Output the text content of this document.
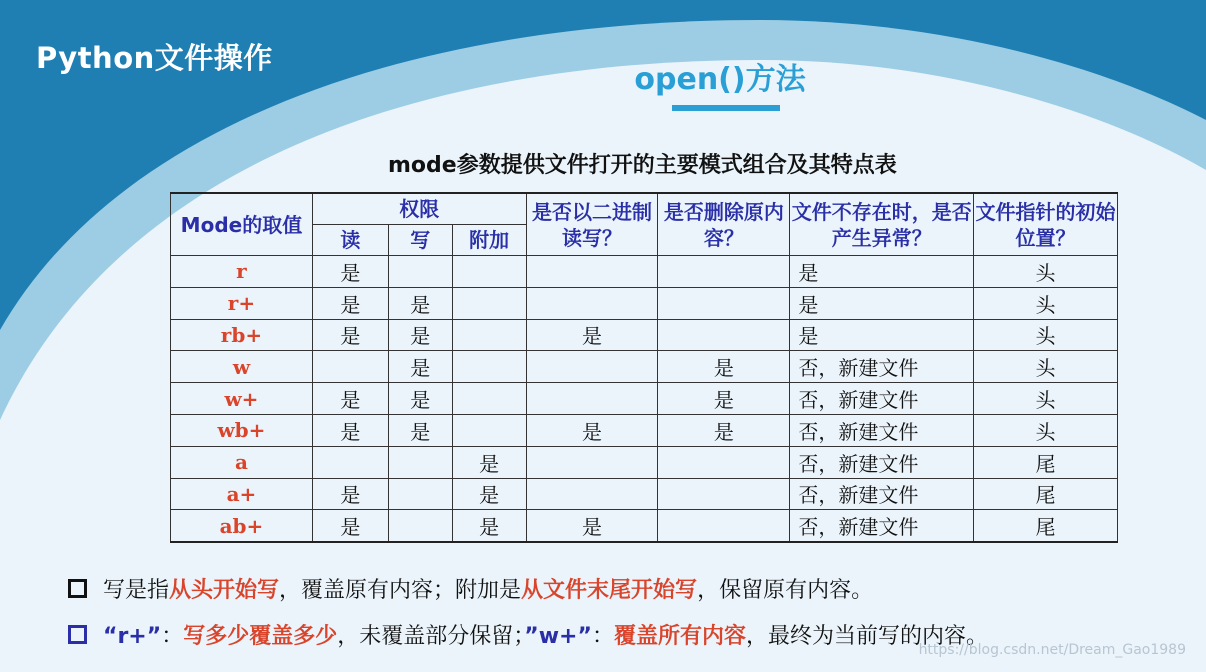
Python文件操作
open()方法
mode参数提供文件打开的主要模式组合及其特点表
Mode的取值	权限			是否以二进制读写？	是否删除原内容？	文件不存在时，是否产生异常？	文件指针的初始位置？
	读	写	附加				
r	是					是	头
r+	是	是				是	头
rb+	是	是		是		是	头
w		是			是	否，新建文件	头
w+	是	是			是	否，新建文件	头
wb+	是	是		是	是	否，新建文件	头
a			是			否，新建文件	尾
a+	是		是			否，新建文件	尾
ab+	是		是	是		否，新建文件	尾
写是指从头开始写，覆盖原有内容；附加是从文件末尾开始写，保留原有内容。
“r+”：写多少覆盖多少，未覆盖部分保留；”w+”：覆盖所有内容，最终为当前写的内容。
https://blog.csdn.net/Dream_Gao1989
